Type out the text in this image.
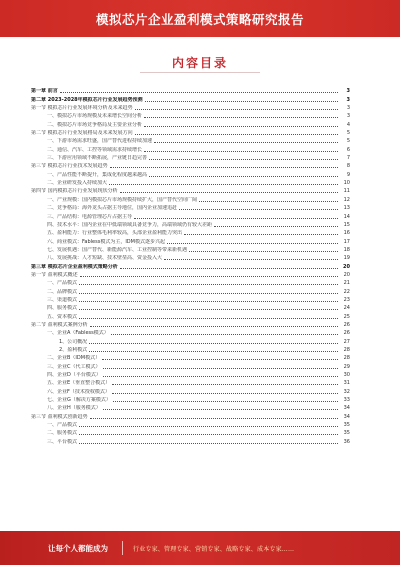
模拟芯片企业盈利模式策略研究报告
内容目录
第一章 前言	3
第二章 2023-2028年模拟芯片行业发展趋势预测	3
第一节 模拟芯片行业发展环境分析及未来趋势	3
一、模拟芯片市场规模及未来增长空间分析	3
二、模拟芯片市场竞争格局及主要企业分析	4
第二节 模拟芯片行业发展格局及未来发展方向	5
一、下游市场需求旺盛，国产替代进程持续加速	5
二、通信、汽车、工控等领域需求持续增长	6
三、下游应用领域不断拓展，产业链日趋完善	7
第三节 模拟芯片行业技术发展趋势	8
一、产品性能不断提升，集成化程度越来越高	9
二、企业研发投入持续加大	10
第四节 国内模拟芯片行业发展现状分析	11
一、产业规模：国内模拟芯片市场规模持续扩大，国产替代空间广阔	12
二、竞争格局：海外龙头占据主导地位，国内企业加速追赶	13
三、产品结构：电源管理芯片占据主导	14
四、技术水平：国内企业在中低端领域具备竞争力，高端领域仍有较大差距	15
五、盈利能力：行业整体毛利率较高，头部企业盈利能力突出	16
六、商业模式：Fabless模式为主，IDM模式逐步兴起	17
七、发展机遇：国产替代、新能源汽车、工业控制等带来新机遇	18
八、发展挑战：人才短缺、技术壁垒高、资金投入大	19
第三章 模拟芯片企业盈利模式策略分析	20
第一节 盈利模式概述	20
一、产品模式	21
二、品牌模式	22
三、渠道模式	23
四、服务模式	24
五、资本模式	25
第二节 盈利模式案例分析	26
一、企业A（Fabless模式）	26
1、公司概况	27
2、盈利模式	28
二、企业B（IDM模式）	28
三、企业C（代工模式）	29
四、企业D（平台模式）	30
五、企业E（垂直整合模式）	31
六、企业F（技术授权模式）	32
七、企业G（解决方案模式）	33
八、企业H（服务模式）	34
第三节 盈利模式创新趋势	34
一、产品模式	35
二、服务模式	35
三、平台模式	36
让每个人都能成为	行业专家、管理专家、营销专家、战略专家、成本专家……
